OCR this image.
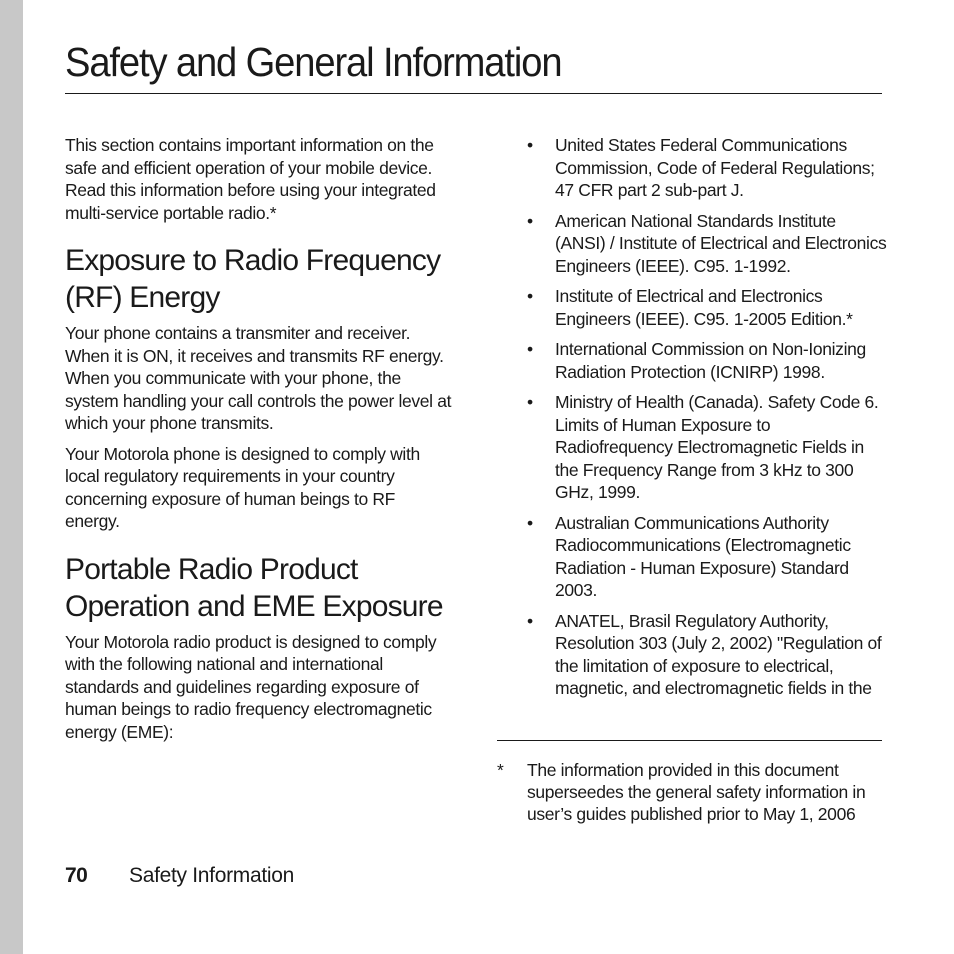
Safety and General Information

This section contains important information on the safe and efficient operation of your mobile device. Read this information before using your integrated multi-service portable radio.*

Exposure to Radio Frequency (RF) Energy

Your phone contains a transmiter and receiver. When it is ON, it receives and transmits RF energy. When you communicate with your phone, the system handling your call controls the power level at which your phone transmits.

Your Motorola phone is designed to comply with local regulatory requirements in your country concerning exposure of human beings to RF energy.

Portable Radio Product Operation and EME Exposure

Your Motorola radio product is designed to comply with the following national and international standards and guidelines regarding exposure of human beings to radio frequency electromagnetic energy (EME):

• United States Federal Communications Commission, Code of Federal Regulations; 47 CFR part 2 sub-part J.
• American National Standards Institute (ANSI) / Institute of Electrical and Electronics Engineers (IEEE). C95. 1-1992.
• Institute of Electrical and Electronics Engineers (IEEE). C95. 1-2005 Edition.*
• International Commission on Non-Ionizing Radiation Protection (ICNIRP) 1998.
• Ministry of Health (Canada). Safety Code 6. Limits of Human Exposure to Radiofrequency Electromagnetic Fields in the Frequency Range from 3 kHz to 300 GHz, 1999.
• Australian Communications Authority Radiocommunications (Electromagnetic Radiation - Human Exposure) Standard 2003.
• ANATEL, Brasil Regulatory Authority, Resolution 303 (July 2, 2002) "Regulation of the limitation of exposure to electrical, magnetic, and electromagnetic fields in the
*	The information provided in this document superseedes the general safety information in user’s guides published prior to May 1, 2006
70 Safety Information
